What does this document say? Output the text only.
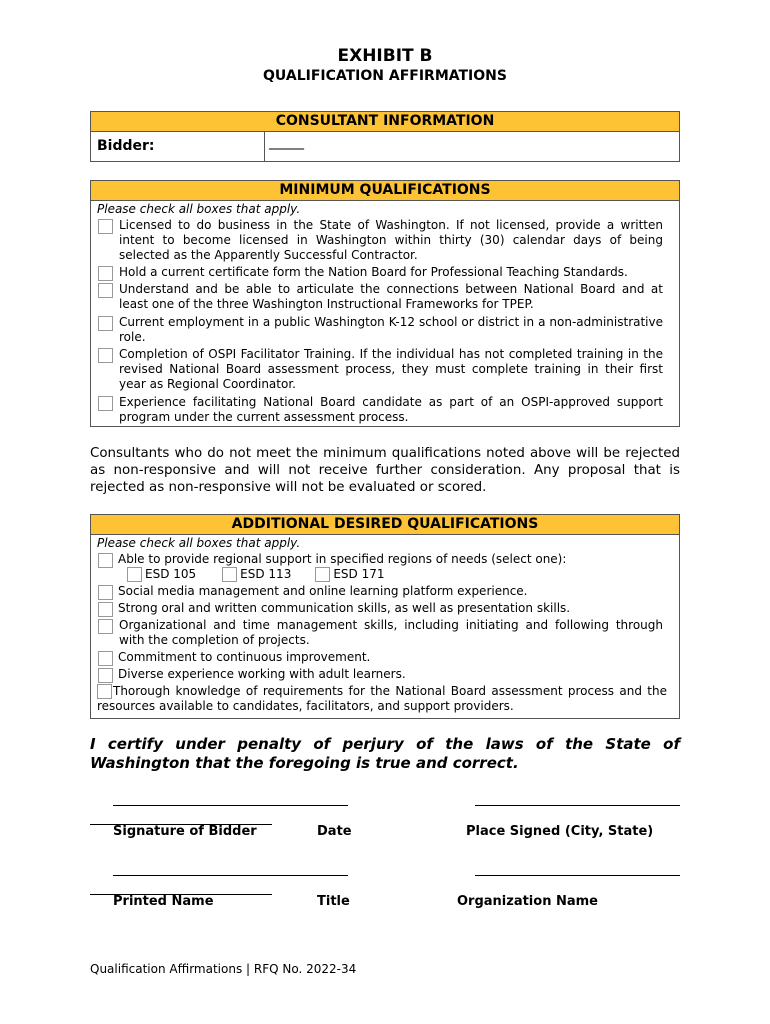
EXHIBIT B
QUALIFICATION AFFIRMATIONS
CONSULTANT INFORMATION
Bidder:	_____
MINIMUM QUALIFICATIONS
Please check all boxes that apply.
Licensed to do business in the State of Washington. If not licensed, provide a written intent to become licensed in Washington within thirty (30) calendar days of being selected as the Apparently Successful Contractor.
Hold a current certificate form the Nation Board for Professional Teaching Standards.
Understand and be able to articulate the connections between National Board and at least one of the three Washington Instructional Frameworks for TPEP.
Current employment in a public Washington K-12 school or district in a non-administrative role.
Completion of OSPI Facilitator Training. If the individual has not completed training in the revised National Board assessment process, they must complete training in their first year as Regional Coordinator.
Experience facilitating National Board candidate as part of an OSPI-approved support program under the current assessment process.
Consultants who do not meet the minimum qualifications noted above will be rejected as non-responsive and will not receive further consideration. Any proposal that is rejected as non-responsive will not be evaluated or scored.
ADDITIONAL DESIRED QUALIFICATIONS
Please check all boxes that apply.
Able to provide regional support in specified regions of needs (select one):
ESD 105	ESD 113	ESD 171
Social media management and online learning platform experience.
Strong oral and written communication skills, as well as presentation skills.
Organizational and time management skills, including initiating and following through with the completion of projects.
Commitment to continuous improvement.
Diverse experience working with adult learners.
Thorough knowledge of requirements for the National Board assessment process and the resources available to candidates, facilitators, and support providers.
I certify under penalty of perjury of the laws of the State of Washington that the foregoing is true and correct.
Signature of Bidder	Date	Place Signed (City, State)
Printed Name	Title	Organization Name
Qualification Affirmations | RFQ No. 2022-34
